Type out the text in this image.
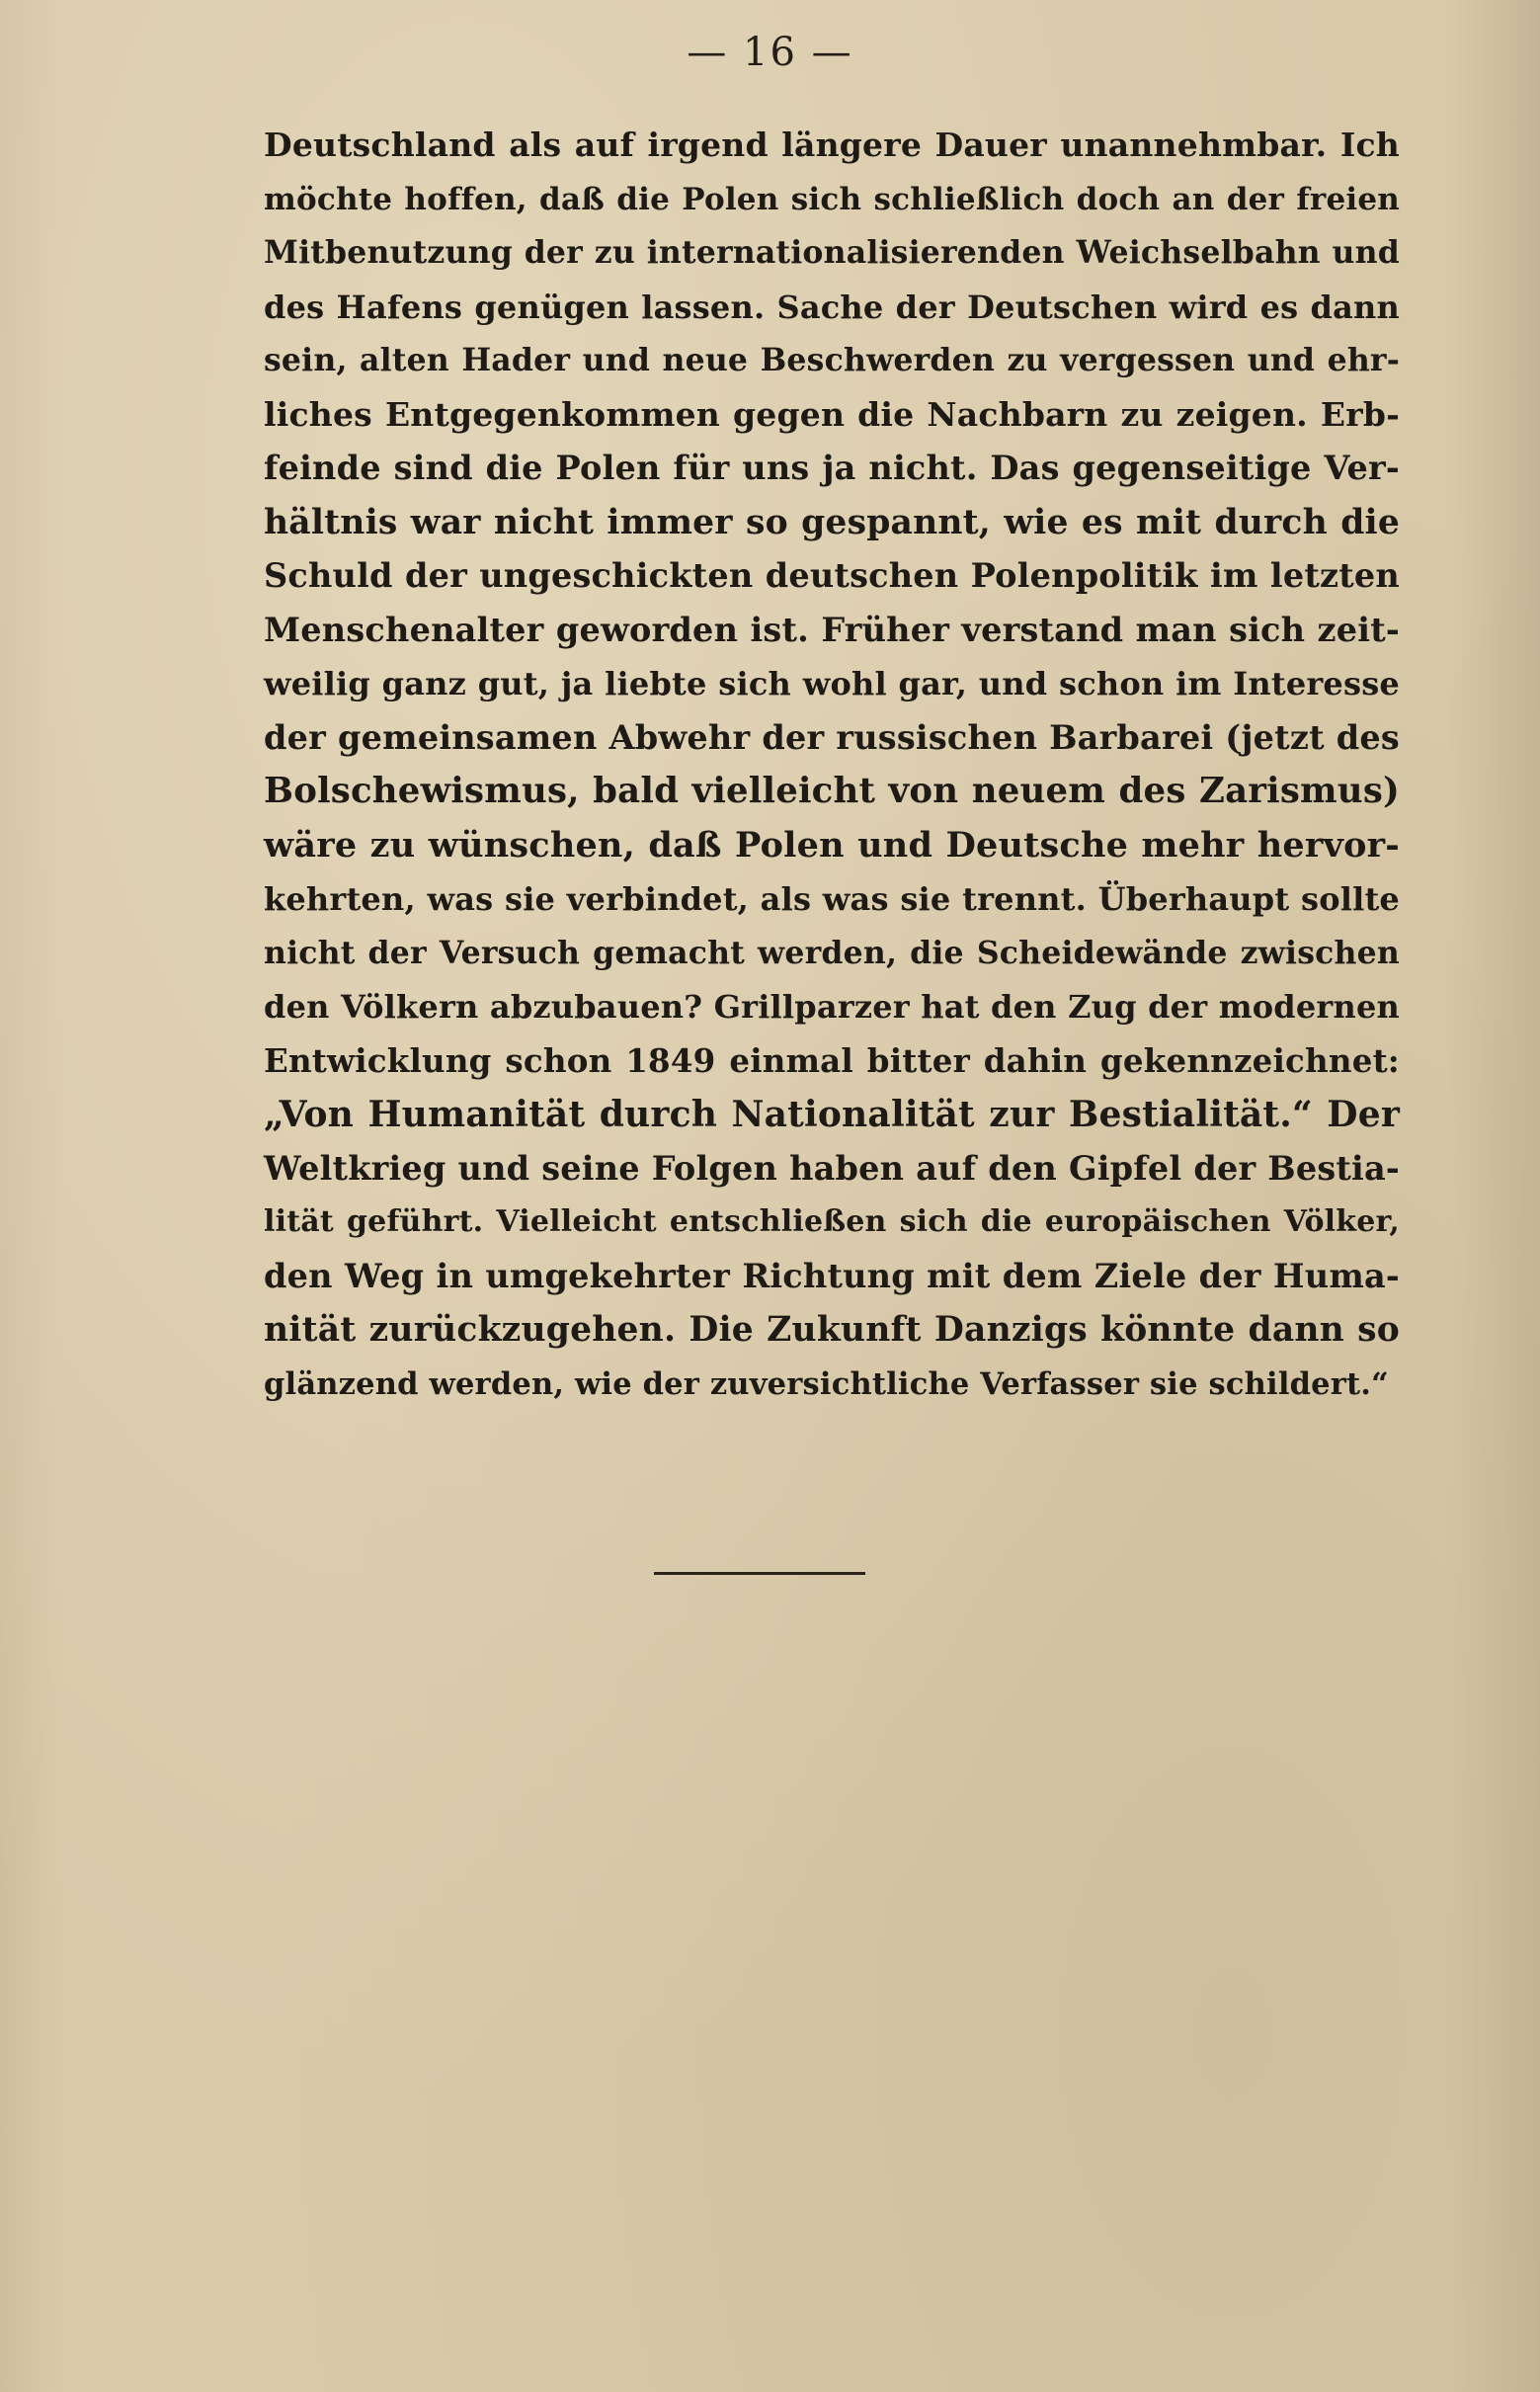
— 16 —
Deutschland als auf irgend längere Dauer unannehmbar. Ich
möchte hoffen, daß die Polen sich schließlich doch an der freien
Mitbenutzung der zu internationalisierenden Weichselbahn und
des Hafens genügen lassen. Sache der Deutschen wird es dann
sein, alten Hader und neue Beschwerden zu vergessen und ehr-
liches Entgegenkommen gegen die Nachbarn zu zeigen. Erb-
feinde sind die Polen für uns ja nicht. Das gegenseitige Ver-
hältnis war nicht immer so gespannt, wie es mit durch die
Schuld der ungeschickten deutschen Polenpolitik im letzten
Menschenalter geworden ist. Früher verstand man sich zeit-
weilig ganz gut, ja liebte sich wohl gar, und schon im Interesse
der gemeinsamen Abwehr der russischen Barbarei (jetzt des
Bolschewismus, bald vielleicht von neuem des Zarismus)
wäre zu wünschen, daß Polen und Deutsche mehr hervor-
kehrten, was sie verbindet, als was sie trennt. Überhaupt sollte
nicht der Versuch gemacht werden, die Scheidewände zwischen
den Völkern abzubauen? Grillparzer hat den Zug der modernen
Entwicklung schon 1849 einmal bitter dahin gekennzeichnet:
„Von Humanität durch Nationalität zur Bestialität.“ Der
Weltkrieg und seine Folgen haben auf den Gipfel der Bestia-
lität geführt. Vielleicht entschließen sich die europäischen Völker,
den Weg in umgekehrter Richtung mit dem Ziele der Huma-
nität zurückzugehen. Die Zukunft Danzigs könnte dann so
glänzend werden, wie der zuversichtliche Verfasser sie schildert.“
